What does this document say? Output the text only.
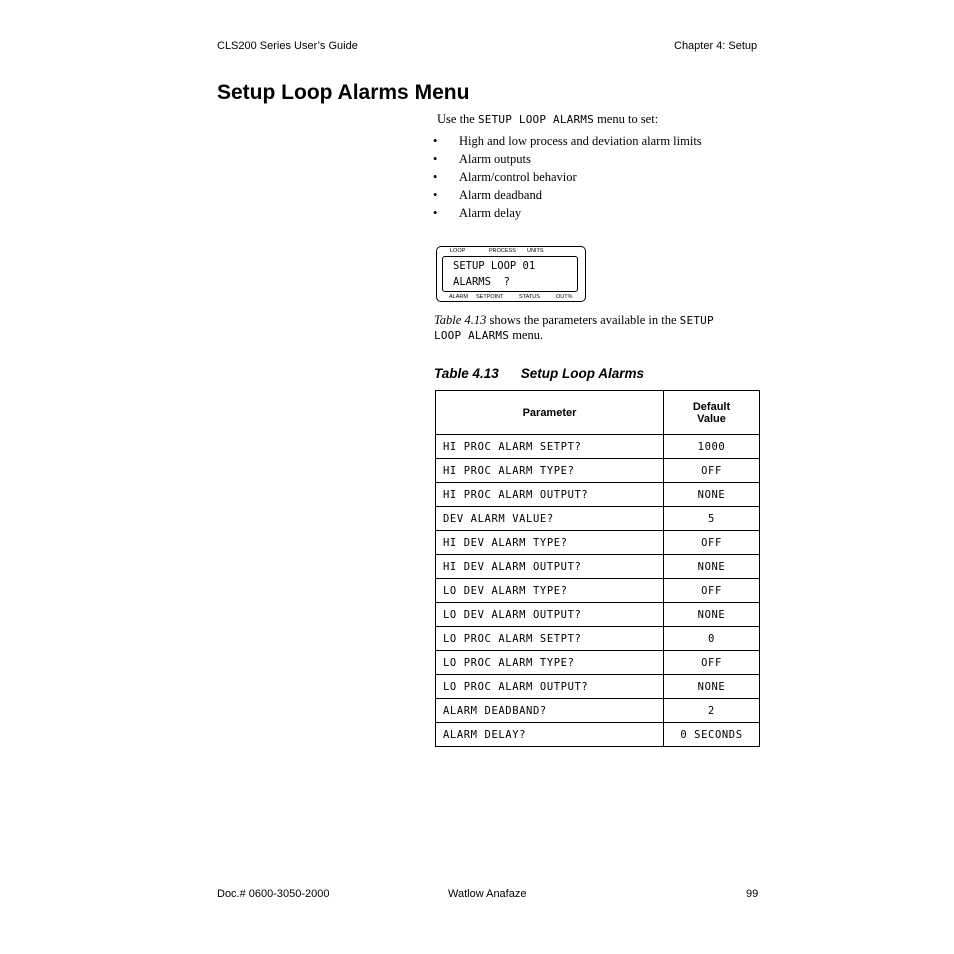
CLS200 Series User’s Guide	Chapter 4: Setup
Setup Loop Alarms Menu
Use the SETUP LOOP ALARMS menu to set:
• High and low process and deviation alarm limits
• Alarm outputs
• Alarm/control behavior
• Alarm deadband
• Alarm delay
LOOP	PROCESS UNITS
SETUP LOOP 01
ALARMS  ?
ALARM SETPOINT	STATUS	OUT%
Table 4.13 shows the parameters available in the SETUP
LOOP ALARMS menu.
Table 4.13 Setup Loop Alarms
Parameter	Default
Value
HI PROC ALARM SETPT?	1000
HI PROC ALARM TYPE?	OFF
HI PROC ALARM OUTPUT?	NONE
DEV ALARM VALUE?	5
HI DEV ALARM TYPE?	OFF
HI DEV ALARM OUTPUT?	NONE
LO DEV ALARM TYPE?	OFF
LO DEV ALARM OUTPUT?	NONE
LO PROC ALARM SETPT?	0
LO PROC ALARM TYPE?	OFF
LO PROC ALARM OUTPUT?	NONE
ALARM DEADBAND?	2
ALARM DELAY?	0 SECONDS
Doc.# 0600-3050-2000	Watlow Anafaze	99
